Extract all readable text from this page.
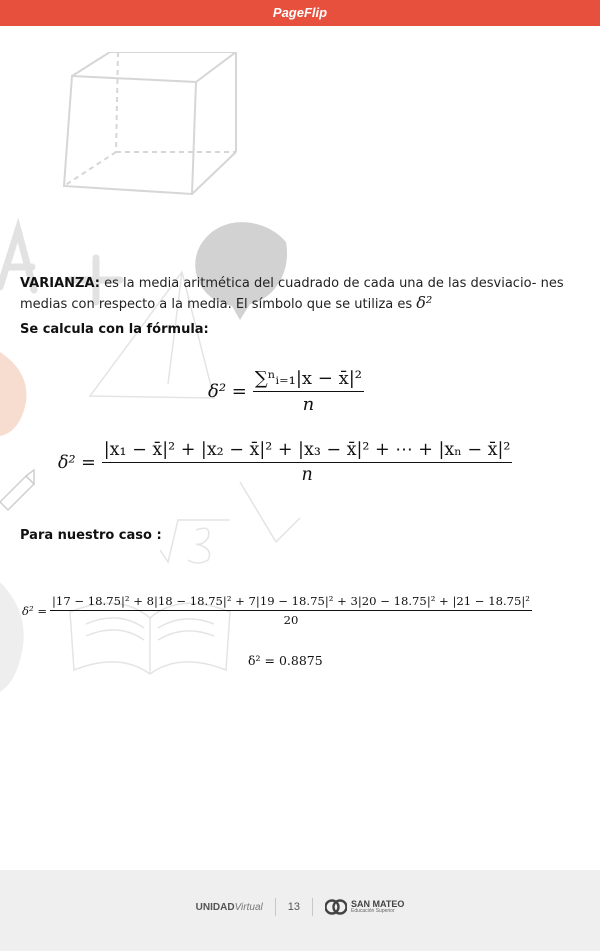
PageFlip
VARIANZA: es la media aritmética del cuadrado de cada una de las desviacio- nes medias con respecto a la media. El símbolo que se utiliza es δ²
Se calcula con la fórmula:
$\delta^2 = \frac{\text{∑ⁿᵢ₌₁|x − x̄|²}}{n}$
$\delta^2 = \frac{\text{|x₁ − x̄|² + |x₂ − x̄|² + |x₃ − x̄|² + ⋯ + |xₙ − x̄|²}}{n}$
Para nuestro caso :
δ² =
|17 − 18.75|² + 8|18 − 18.75|² + 7|19 − 18.75|² + 3|20 − 18.75|² + |21 − 18.75|²
20
δ² = 0.8875
UNIDADVirtual 13	SAN MATEO
Educación Superior
